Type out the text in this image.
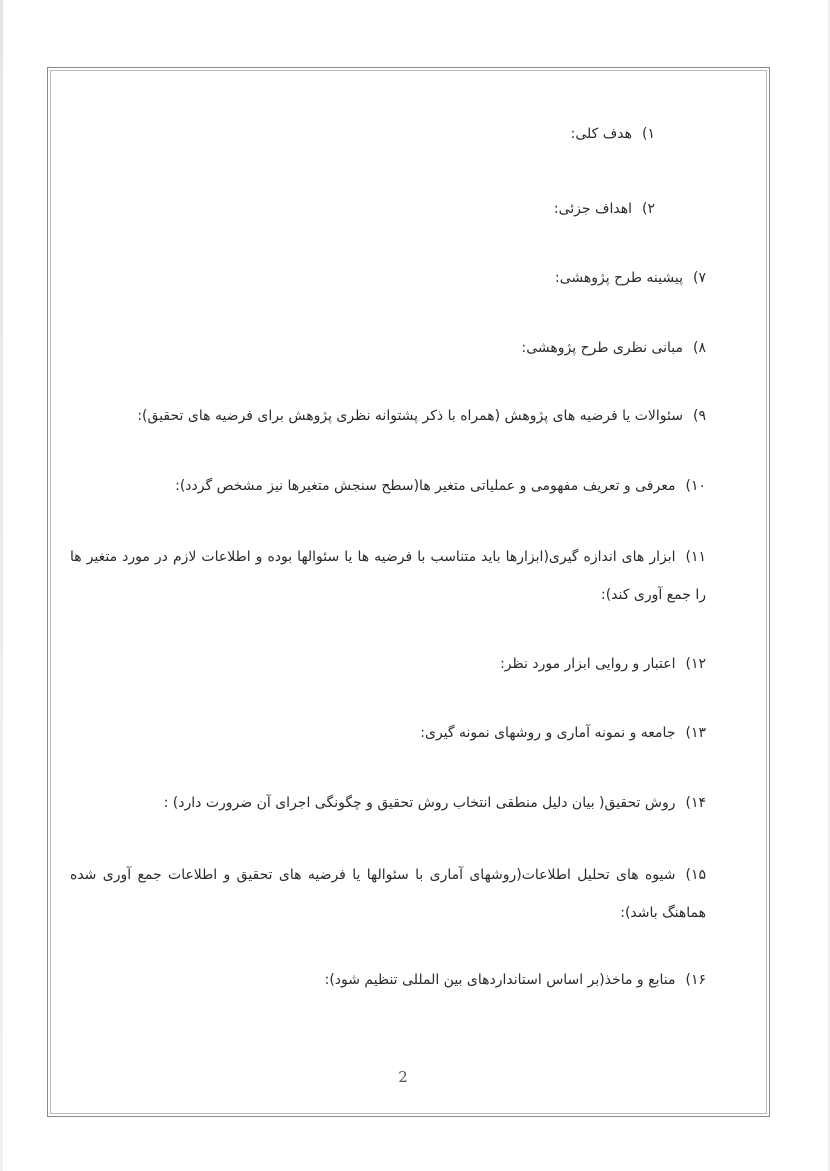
۱)هدف کلی:

۲)اهداف جزئی:

۷)پیشینه طرح پژوهشی:

۸)مبانی نظری طرح پژوهشی:

۹)سئوالات یا فرضیه های پژوهش (همراه با ذکر پشتوانه نظری پژوهش برای فرضیه های تحقیق):

۱۰)معرفی و تعریف مفهومی و عملیاتی متغیر ها(سطح سنجش متغیرها نیز مشخص گردد):

۱۱)ابزار های اندازه گیری(ابزارها باید متناسب با فرضیه ها یا سئوالها بوده و اطلاعات لازم در مورد متغیر ها را جمع آوری کند):

۱۲)اعتبار و روایی ابزار مورد نظر:

۱۳)جامعه و نمونه آماری و روشهای نمونه گیری:

۱۴)روش تحقیق( بیان دلیل منطقی انتخاب روش تحقیق و چگونگی اجرای آن ضرورت دارد) :

۱۵)شیوه های تحلیل اطلاعات(روشهای آماری با سئوالها یا فرضیه های تحقیق و اطلاعات جمع آوری شده هماهنگ باشد):

۱۶)منابع و ماخذ(بر اساس استانداردهای بین المللی تنظیم شود):

2
